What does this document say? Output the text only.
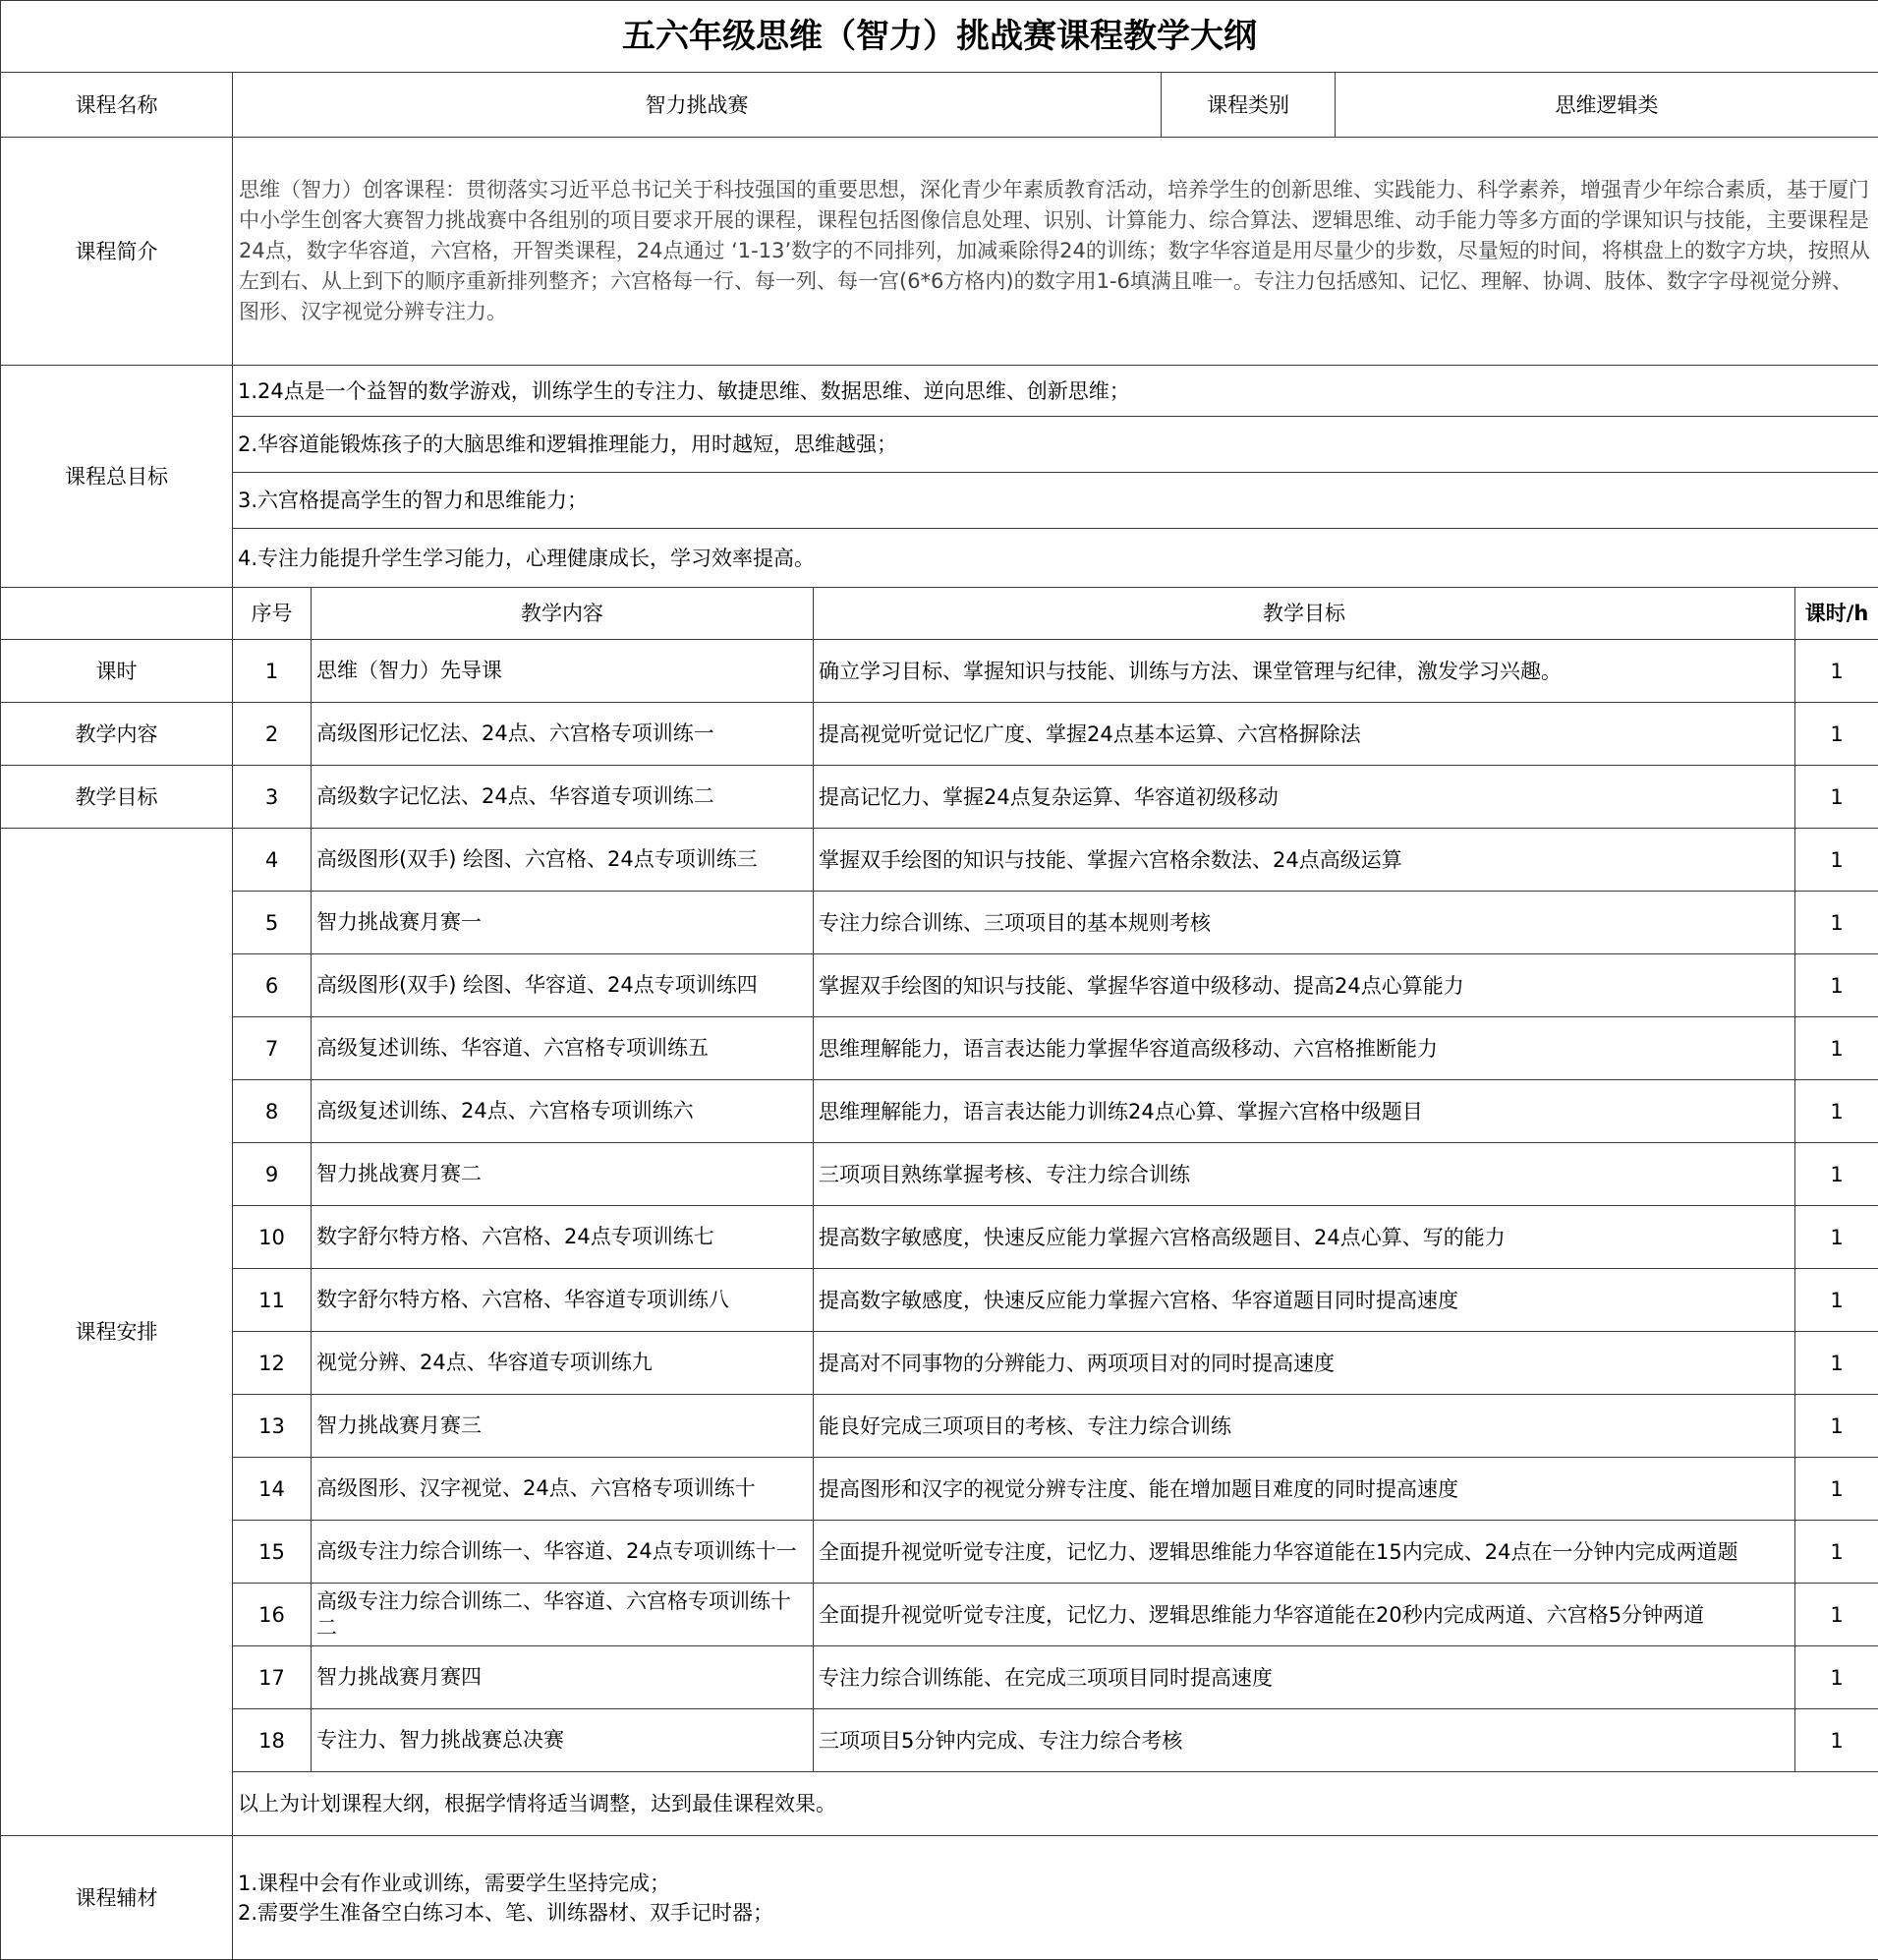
五六年级思维（智力）挑战赛课程教学大纲						
课程名称	智力挑战赛			课程类别	思维逻辑类	
课程简介	思维（智力）创客课程：贯彻落实习近平总书记关于科技强国的重要思想，深化青少年素质教育活动，培养学生的创新思维、实践能力、科学素养，增强青少年综合素质，基于厦门中小学生创客大赛智力挑战赛中各组别的项目要求开展的课程，课程包括图像信息处理、识别、计算能力、综合算法、逻辑思维、动手能力等多方面的学课知识与技能，主要课程是24点，数字华容道，六宫格，开智类课程，24点通过 ‘1-13’数字的不同排列，加减乘除得24的训练；数字华容道是用尽量少的步数，尽量短的时间，将棋盘上的数字方块，按照从左到右、从上到下的顺序重新排列整齐；六宫格每一行、每一列、每一宫(6*6方格内)的数字用1-6填满且唯一。专注力包括感知、记忆、理解、协调、肢体、数字字母视觉分辨、图形、汉字视觉分辨专注力。					
课程总目标	1.24点是一个益智的数学游戏，训练学生的专注力、敏捷思维、数据思维、逆向思维、创新思维；					
	2.华容道能锻炼孩子的大脑思维和逻辑推理能力，用时越短，思维越强；					
	3.六宫格提高学生的智力和思维能力；					
	4.专注力能提升学生学习能力，心理健康成长，学习效率提高。					
	序号	教学内容	教学目标			课时/h
课时	1	思维（智力）先导课	确立学习目标、掌握知识与技能、训练与方法、课堂管理与纪律，激发学习兴趣。			1
教学内容	2	高级图形记忆法、24点、六宫格专项训练一	提高视觉听觉记忆广度、掌握24点基本运算、六宫格摒除法			1
教学目标	3	高级数字记忆法、24点、华容道专项训练二	提高记忆力、掌握24点复杂运算、华容道初级移动			1
课程安排	4	高级图形(双手) 绘图、六宫格、24点专项训练三	掌握双手绘图的知识与技能、掌握六宫格余数法、24点高级运算			1
	5	智力挑战赛月赛一	专注力综合训练、三项项目的基本规则考核			1
	6	高级图形(双手) 绘图、华容道、24点专项训练四	掌握双手绘图的知识与技能、掌握华容道中级移动、提高24点心算能力			1
	7	高级复述训练、华容道、六宫格专项训练五	思维理解能力，语言表达能力掌握华容道高级移动、六宫格推断能力			1
	8	高级复述训练、24点、六宫格专项训练六	思维理解能力，语言表达能力训练24点心算、掌握六宫格中级题目			1
	9	智力挑战赛月赛二	三项项目熟练掌握考核、专注力综合训练			1
	10	数字舒尔特方格、六宫格、24点专项训练七	提高数字敏感度，快速反应能力掌握六宫格高级题目、24点心算、写的能力			1
	11	数字舒尔特方格、六宫格、华容道专项训练八	提高数字敏感度，快速反应能力掌握六宫格、华容道题目同时提高速度			1
	12	视觉分辨、24点、华容道专项训练九	提高对不同事物的分辨能力、两项项目对的同时提高速度			1
	13	智力挑战赛月赛三	能良好完成三项项目的考核、专注力综合训练			1
	14	高级图形、汉字视觉、24点、六宫格专项训练十	提高图形和汉字的视觉分辨专注度、能在增加题目难度的同时提高速度			1
	15	高级专注力综合训练一、华容道、24点专项训练十一	全面提升视觉听觉专注度，记忆力、逻辑思维能力华容道能在15内完成、24点在一分钟内完成两道题			1
	16	高级专注力综合训练二、华容道、六宫格专项训练十二	全面提升视觉听觉专注度，记忆力、逻辑思维能力华容道能在20秒内完成两道、六宫格5分钟两道			1
	17	智力挑战赛月赛四	专注力综合训练能、在完成三项项目同时提高速度			1
	18	专注力、智力挑战赛总决赛	三项项目5分钟内完成、专注力综合考核			1
	以上为计划课程大纲，根据学情将适当调整，达到最佳课程效果。					
课程辅材	1.课程中会有作业或训练，需要学生坚持完成；
2.需要学生准备空白练习本、笔、训练器材、双手记时器；					
